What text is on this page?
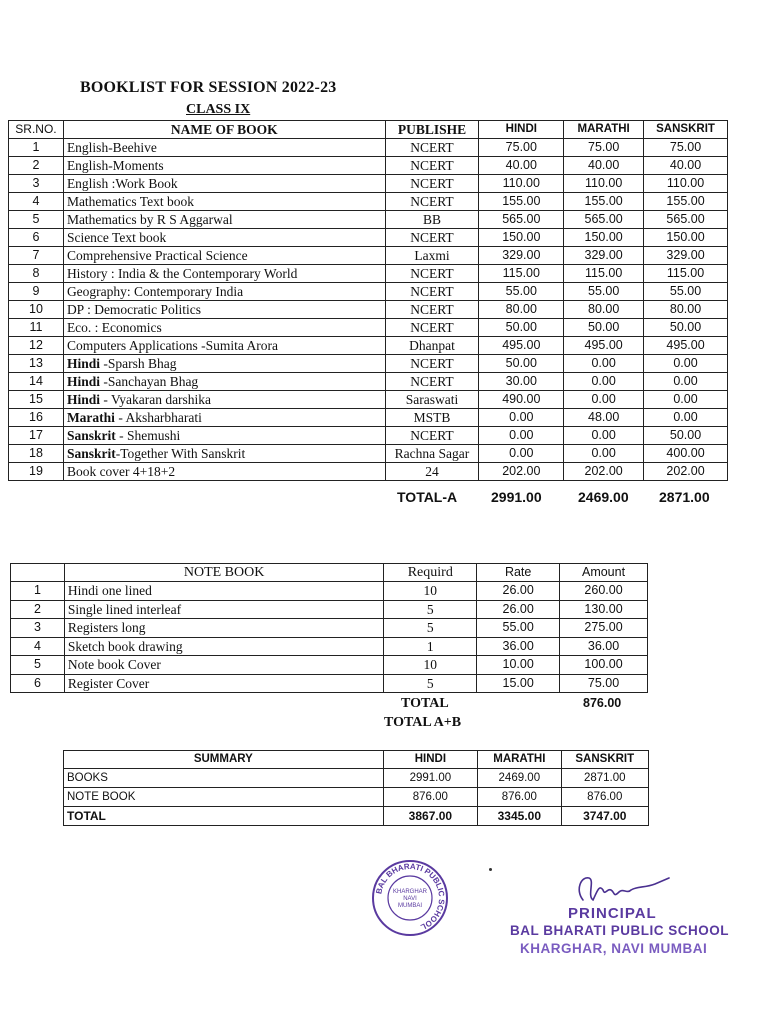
BOOKLIST FOR SESSION 2022-23
CLASS IX
SR.NO.	NAME OF BOOK	PUBLISHE	HINDI	MARATHI	SANSKRIT
1	English-Beehive	NCERT	75.00	75.00	75.00
2	English-Moments	NCERT	40.00	40.00	40.00
3	English :Work Book	NCERT	110.00	110.00	110.00
4	Mathematics Text book	NCERT	155.00	155.00	155.00
5	Mathematics by R S Aggarwal	BB	565.00	565.00	565.00
6	Science Text book	NCERT	150.00	150.00	150.00
7	Comprehensive Practical Science	Laxmi	329.00	329.00	329.00
8	History : India & the Contemporary World	NCERT	115.00	115.00	115.00
9	Geography: Contemporary India	NCERT	55.00	55.00	55.00
10	DP : Democratic Politics	NCERT	80.00	80.00	80.00
11	Eco. : Economics	NCERT	50.00	50.00	50.00
12	Computers Applications -Sumita Arora	Dhanpat	495.00	495.00	495.00
13	Hindi -Sparsh Bhag	NCERT	50.00	0.00	0.00
14	Hindi -Sanchayan Bhag	NCERT	30.00	0.00	0.00
15	Hindi - Vyakaran darshika	Saraswati	490.00	0.00	0.00
16	Marathi - Aksharbharati	MSTB	0.00	48.00	0.00
17	Sanskrit - Shemushi	NCERT	0.00	0.00	50.00
18	Sanskrit-Together With Sanskrit	Rachna Sagar	0.00	0.00	400.00
19	Book cover 4+18+2	24	202.00	202.00	202.00
TOTAL-A 2991.00	2469.00 2871.00
	NOTE BOOK	Requird	Rate	Amount
1	Hindi one lined	10	26.00	260.00
2	Single lined interleaf	5	26.00	130.00
3	Registers long	5	55.00	275.00
4	Sketch book drawing	1	36.00	36.00
5	Note book Cover	10	10.00	100.00
6	Register Cover	5	15.00	75.00
TOTAL	876.00
TOTAL A+B
SUMMARY	HINDI	MARATHI	SANSKRIT
BOOKS	2991.00	2469.00	2871.00
NOTE BOOK	876.00	876.00	876.00
TOTAL	3867.00	3345.00	3747.00
BAL BHARATI PUBLIC SCHOOL
KHARGHAR
NAVI
MUMBAI	PRINCIPAL
BAL BHARATI PUBLIC SCHOOL
KHARGHAR, NAVI MUMBAI
